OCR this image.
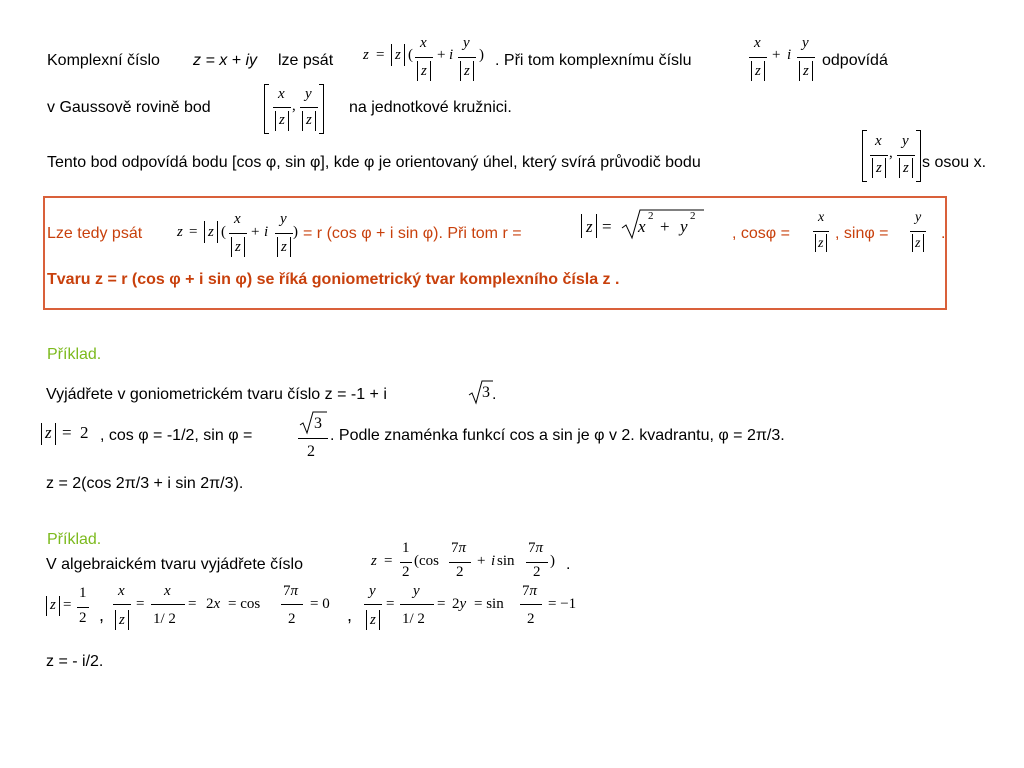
Komplexní číslo z = x + iy lze psát z = z (
x
z
+ i
y
z
) . Při tom komplexnímu číslu
x
z
+ i
y
z
odpovídá
v Gaussově rovině bod
x
z
,
y
z
na jednotkové kružnici.
Tento bod odpovídá bodu [cos φ, sin φ], kde φ je orientovaný úhel, který svírá průvodič bodu
x
z
,
y
z s osou x.
Lze tedy psát z = z (
x
z
+ i
y
z
) = r (cos φ + i sin φ). Při tom r =	z = x
2
+ y
2
, cosφ =
x
z
, sinφ =
y
z
.
Tvaru z = r (cos φ + i sin φ) se říká goniometrický tvar komplexního čísla z .
Příklad.
Vyjádřete v goniometrickém tvaru číslo z = -1 + i	3 .
z = 2 , cos φ = -1/2, sin φ =
3
2
. Podle znaménka funkcí cos a sin je φ v 2. kvadrantu, φ = 2π/3.
z = 2(cos 2π/3 + i sin 2π/3).
Příklad.
V algebraickém tvaru vyjádřete číslo	z =
1
2
(cos
7π
2
+ i sin
7π
2
) .
z =
1
2 ,
x
z
=
x
1/ 2
= 2x = cos
7π
2
= 0
,
y
z
=
y
1/ 2
= 2y = sin
7π
2
= −1
z = - i/2.
